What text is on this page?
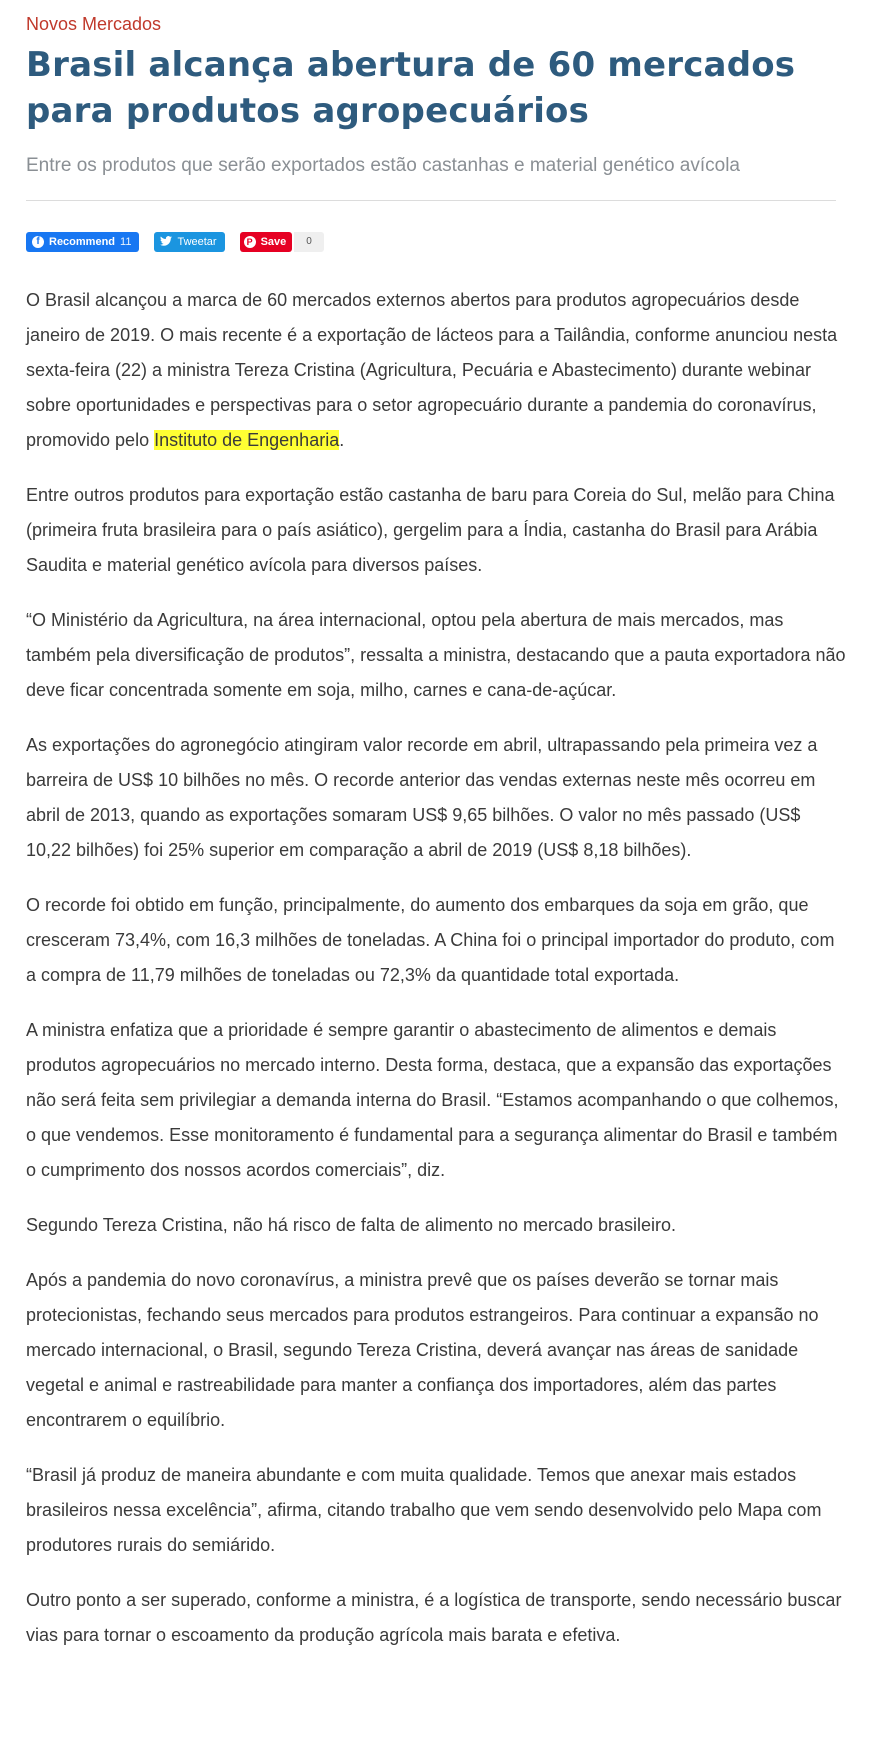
Novos Mercados
Brasil alcança abertura de 60 mercados para produtos agropecuários
Entre os produtos que serão exportados estão castanhas e material genético avícola
f Recommend 11	Tweetar	P Save	0

O Brasil alcançou a marca de 60 mercados externos abertos para produtos agropecuários desde janeiro de 2019. O mais recente é a exportação de lácteos para a Tailândia, conforme anunciou nesta sexta-feira (22) a ministra Tereza Cristina (Agricultura, Pecuária e Abastecimento) durante webinar sobre oportunidades e perspectivas para o setor agropecuário durante a pandemia do coronavírus, promovido pelo Instituto de Engenharia.

Entre outros produtos para exportação estão castanha de baru para Coreia do Sul, melão para China (primeira fruta brasileira para o país asiático), gergelim para a Índia, castanha do Brasil para Arábia Saudita e material genético avícola para diversos países.

“O Ministério da Agricultura, na área internacional, optou pela abertura de mais mercados, mas também pela diversificação de produtos”, ressalta a ministra, destacando que a pauta exportadora não deve ficar concentrada somente em soja, milho, carnes e cana-de-açúcar.

As exportações do agronegócio atingiram valor recorde em abril, ultrapassando pela primeira vez a barreira de US$ 10 bilhões no mês. O recorde anterior das vendas externas neste mês ocorreu em abril de 2013, quando as exportações somaram US$ 9,65 bilhões. O valor no mês passado (US$ 10,22 bilhões) foi 25% superior em comparação a abril de 2019 (US$ 8,18 bilhões).

O recorde foi obtido em função, principalmente, do aumento dos embarques da soja em grão, que cresceram 73,4%, com 16,3 milhões de toneladas. A China foi o principal importador do produto, com a compra de 11,79 milhões de toneladas ou 72,3% da quantidade total exportada.

A ministra enfatiza que a prioridade é sempre garantir o abastecimento de alimentos e demais produtos agropecuários no mercado interno. Desta forma, destaca, que a expansão das exportações não será feita sem privilegiar a demanda interna do Brasil. “Estamos acompanhando o que colhemos, o que vendemos. Esse monitoramento é fundamental para a segurança alimentar do Brasil e também o cumprimento dos nossos acordos comerciais”, diz.

Segundo Tereza Cristina, não há risco de falta de alimento no mercado brasileiro.

Após a pandemia do novo coronavírus, a ministra prevê que os países deverão se tornar mais protecionistas, fechando seus mercados para produtos estrangeiros. Para continuar a expansão no mercado internacional, o Brasil, segundo Tereza Cristina, deverá avançar nas áreas de sanidade vegetal e animal e rastreabilidade para manter a confiança dos importadores, além das partes encontrarem o equilíbrio.

“Brasil já produz de maneira abundante e com muita qualidade. Temos que anexar mais estados brasileiros nessa excelência”, afirma, citando trabalho que vem sendo desenvolvido pelo Mapa com produtores rurais do semiárido.

Outro ponto a ser superado, conforme a ministra, é a logística de transporte, sendo necessário buscar vias para tornar o escoamento da produção agrícola mais barata e efetiva.
